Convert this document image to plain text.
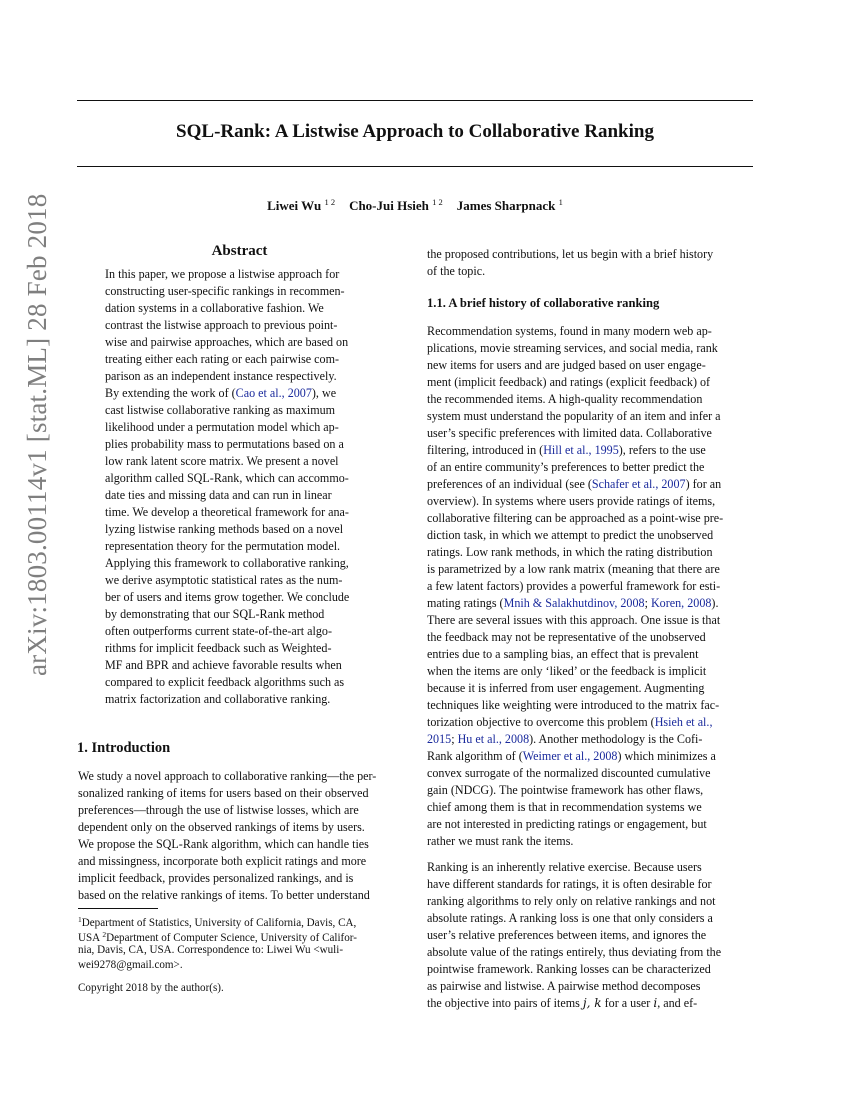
SQL-Rank: A Listwise Approach to Collaborative Ranking
Liwei Wu $^{1 2}$ Cho-Jui Hsieh $^{1 2}$ James Sharpnack $^1$
arXiv:1803.00114v1 [stat.ML] 28 Feb 2018	Abstract
In this paper, we propose a listwise approach for
constructing user-specific rankings in recommen-
dation systems in a collaborative fashion. We
contrast the listwise approach to previous point-
wise and pairwise approaches, which are based on
treating either each rating or each pairwise com-
parison as an independent instance respectively.
By extending the work of (Cao et al., 2007), we
cast listwise collaborative ranking as maximum
likelihood under a permutation model which ap-
plies probability mass to permutations based on a
low rank latent score matrix. We present a novel
algorithm called SQL-Rank, which can accommo-
date ties and missing data and can run in linear
time. We develop a theoretical framework for ana-
lyzing listwise ranking methods based on a novel
representation theory for the permutation model.
Applying this framework to collaborative ranking,
we derive asymptotic statistical rates as the num-
ber of users and items grow together. We conclude
by demonstrating that our SQL-Rank method
often outperforms current state-of-the-art algo-
rithms for implicit feedback such as Weighted-
MF and BPR and achieve favorable results when
compared to explicit feedback algorithms such as
matrix factorization and collaborative ranking.
1. Introduction
We study a novel approach to collaborative ranking—the per-
sonalized ranking of items for users based on their observed
preferences—through the use of listwise losses, which are
dependent only on the observed rankings of items by users.
We propose the SQL-Rank algorithm, which can handle ties
and missingness, incorporate both explicit ratings and more
implicit feedback, provides personalized rankings, and is
based on the relative rankings of items. To better understand
$^1$Department of Statistics, University of California, Davis, CA,
USA $^2$Department of Computer Science, University of Califor-
nia, Davis, CA, USA. Correspondence to: Liwei Wu <wuli-
wei9278@gmail.com>.
Copyright 2018 by the author(s).
the proposed contributions, let us begin with a brief history
of the topic.
1.1. A brief history of collaborative ranking
Recommendation systems, found in many modern web ap-
plications, movie streaming services, and social media, rank
new items for users and are judged based on user engage-
ment (implicit feedback) and ratings (explicit feedback) of
the recommended items. A high-quality recommendation
system must understand the popularity of an item and infer a
user’s specific preferences with limited data. Collaborative
filtering, introduced in (Hill et al., 1995), refers to the use
of an entire community’s preferences to better predict the
preferences of an individual (see (Schafer et al., 2007) for an
overview). In systems where users provide ratings of items,
collaborative filtering can be approached as a point-wise pre-
diction task, in which we attempt to predict the unobserved
ratings. Low rank methods, in which the rating distribution
is parametrized by a low rank matrix (meaning that there are
a few latent factors) provides a powerful framework for esti-
mating ratings (Mnih & Salakhutdinov, 2008; Koren, 2008).
There are several issues with this approach. One issue is that
the feedback may not be representative of the unobserved
entries due to a sampling bias, an effect that is prevalent
when the items are only ‘liked’ or the feedback is implicit
because it is inferred from user engagement. Augmenting
techniques like weighting were introduced to the matrix fac-
torization objective to overcome this problem (Hsieh et al.,
2015; Hu et al., 2008). Another methodology is the Cofi-
Rank algorithm of (Weimer et al., 2008) which minimizes a
convex surrogate of the normalized discounted cumulative
gain (NDCG). The pointwise framework has other flaws,
chief among them is that in recommendation systems we
are not interested in predicting ratings or engagement, but
rather we must rank the items.
Ranking is an inherently relative exercise. Because users
have different standards for ratings, it is often desirable for
ranking algorithms to rely only on relative rankings and not
absolute ratings. A ranking loss is one that only considers a
user’s relative preferences between items, and ignores the
absolute value of the ratings entirely, thus deviating from the
pointwise framework. Ranking losses can be characterized
as pairwise and listwise. A pairwise method decomposes
the objective into pairs of items j, k for a user i, and ef-
